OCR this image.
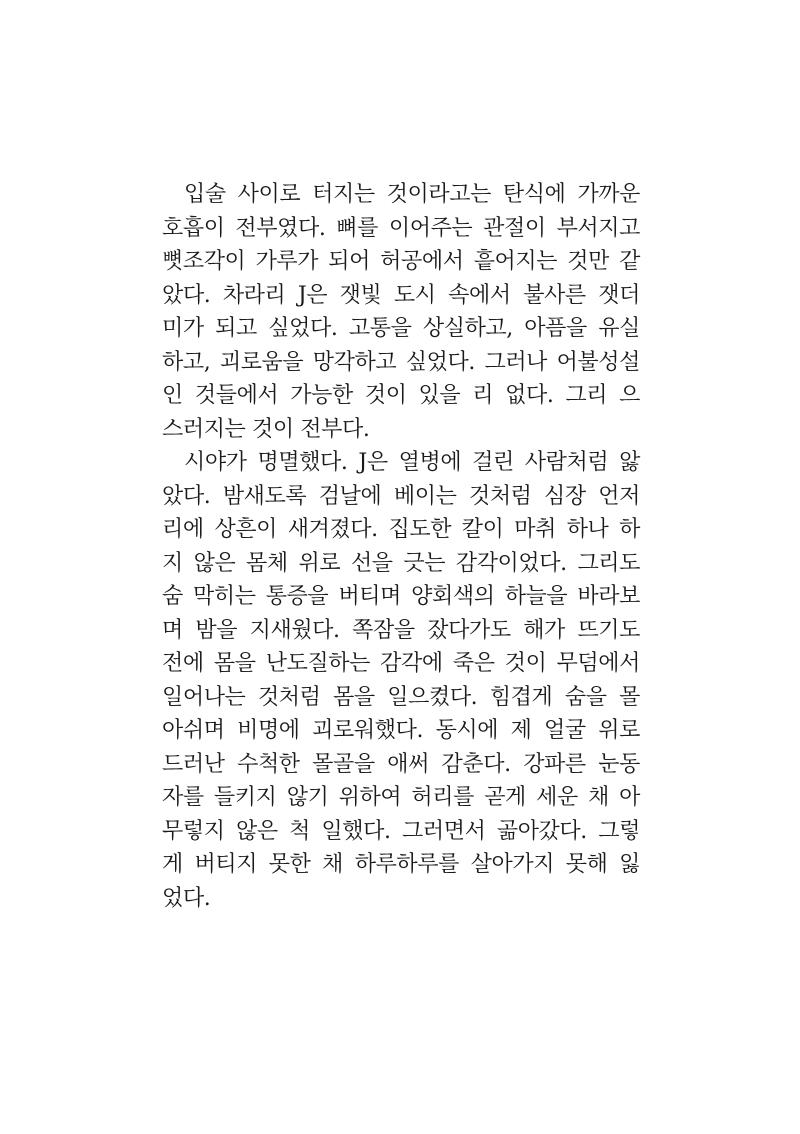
입술 사이로 터지는 것이라고는 탄식에 가까운
호흡이 전부였다. 뼈를 이어주는 관절이 부서지고
뼛조각이 가루가 되어 허공에서 흩어지는 것만 같
았다. 차라리 J은 잿빛 도시 속에서 불사른 잿더
미가 되고 싶었다. 고통을 상실하고, 아픔을 유실
하고, 괴로움을 망각하고 싶었다. 그러나 어불성설
인 것들에서 가능한 것이 있을 리 없다. 그리 으
스러지는 것이 전부다.
시야가 명멸했다. J은 열병에 걸린 사람처럼 앓
았다. 밤새도록 검날에 베이는 것처럼 심장 언저
리에 상흔이 새겨졌다. 집도한 칼이 마취 하나 하
지 않은 몸체 위로 선을 긋는 감각이었다. 그리도
숨 막히는 통증을 버티며 양회색의 하늘을 바라보
며 밤을 지새웠다. 쪽잠을 잤다가도 해가 뜨기도
전에 몸을 난도질하는 감각에 죽은 것이 무덤에서
일어나는 것처럼 몸을 일으켰다. 힘겹게 숨을 몰
아쉬며 비명에 괴로워했다. 동시에 제 얼굴 위로
드러난 수척한 몰골을 애써 감춘다. 강파른 눈동
자를 들키지 않기 위하여 허리를 곧게 세운 채 아
무렇지 않은 척 일했다. 그러면서 곪아갔다. 그렇
게 버티지 못한 채 하루하루를 살아가지 못해 잃
었다.
